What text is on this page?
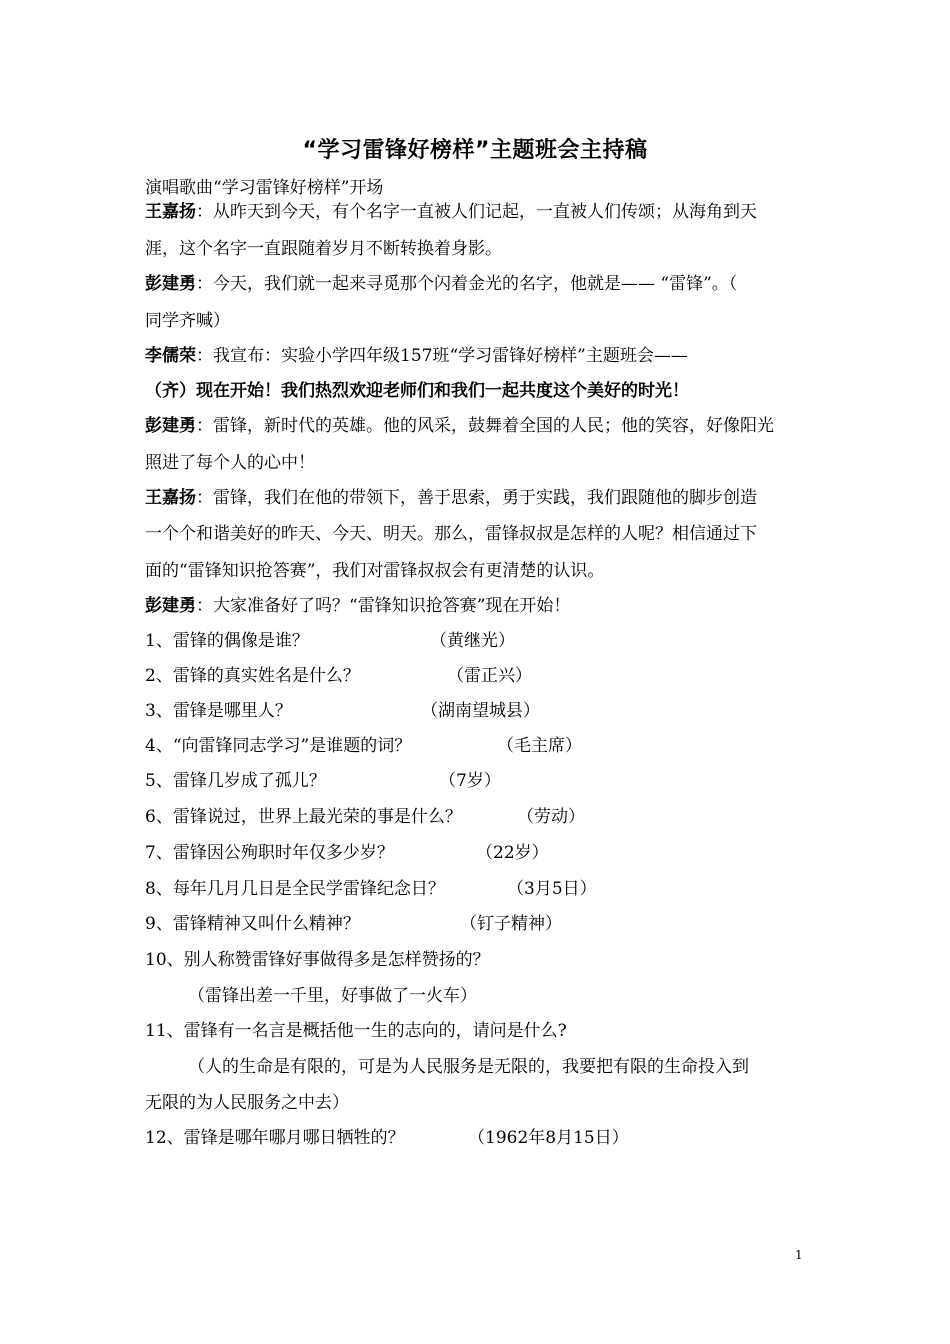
“学习雷锋好榜样”主题班会主持稿
演唱歌曲“学习雷锋好榜样”开场
王嘉扬：从昨天到今天，有个名字一直被人们记起，一直被人们传颂；从海角到天
涯，这个名字一直跟随着岁月不断转换着身影。
彭建勇：今天，我们就一起来寻觅那个闪着金光的名字，他就是—— “雷锋”。（
同学齐喊）
李儒荣：我宣布：实验小学四年级157班“学习雷锋好榜样”主题班会——
（齐）现在开始！我们热烈欢迎老师们和我们一起共度这个美好的时光！
彭建勇：雷锋，新时代的英雄。他的风采，鼓舞着全国的人民；他的笑容，好像阳光
照进了每个人的心中！
王嘉扬：雷锋，我们在他的带领下，善于思索，勇于实践，我们跟随他的脚步创造
一个个和谐美好的昨天、今天、明天。那么，雷锋叔叔是怎样的人呢？相信通过下
面的“雷锋知识抢答赛”，我们对雷锋叔叔会有更清楚的认识。
彭建勇：大家准备好了吗？“雷锋知识抢答赛”现在开始！
1、雷锋的偶像是谁？	（黄继光）
2、雷锋的真实姓名是什么？	（雷正兴）
3、雷锋是哪里人？	（湖南望城县）
4、“向雷锋同志学习”是谁题的词？	（毛主席）
5、雷锋几岁成了孤儿？	（7岁）
6、雷锋说过，世界上最光荣的事是什么？	（劳动）
7、雷锋因公殉职时年仅多少岁？	（22岁）
8、每年几月几日是全民学雷锋纪念日？	（3月5日）
9、雷锋精神又叫什么精神？	（钉子精神）
10、别人称赞雷锋好事做得多是怎样赞扬的？
（雷锋出差一千里，好事做了一火车）
11、雷锋有一名言是概括他一生的志向的，请问是什么?
（人的生命是有限的，可是为人民服务是无限的，我要把有限的生命投入到
无限的为人民服务之中去）
12、雷锋是哪年哪月哪日牺牲的？	（1962年8月15日）
1
